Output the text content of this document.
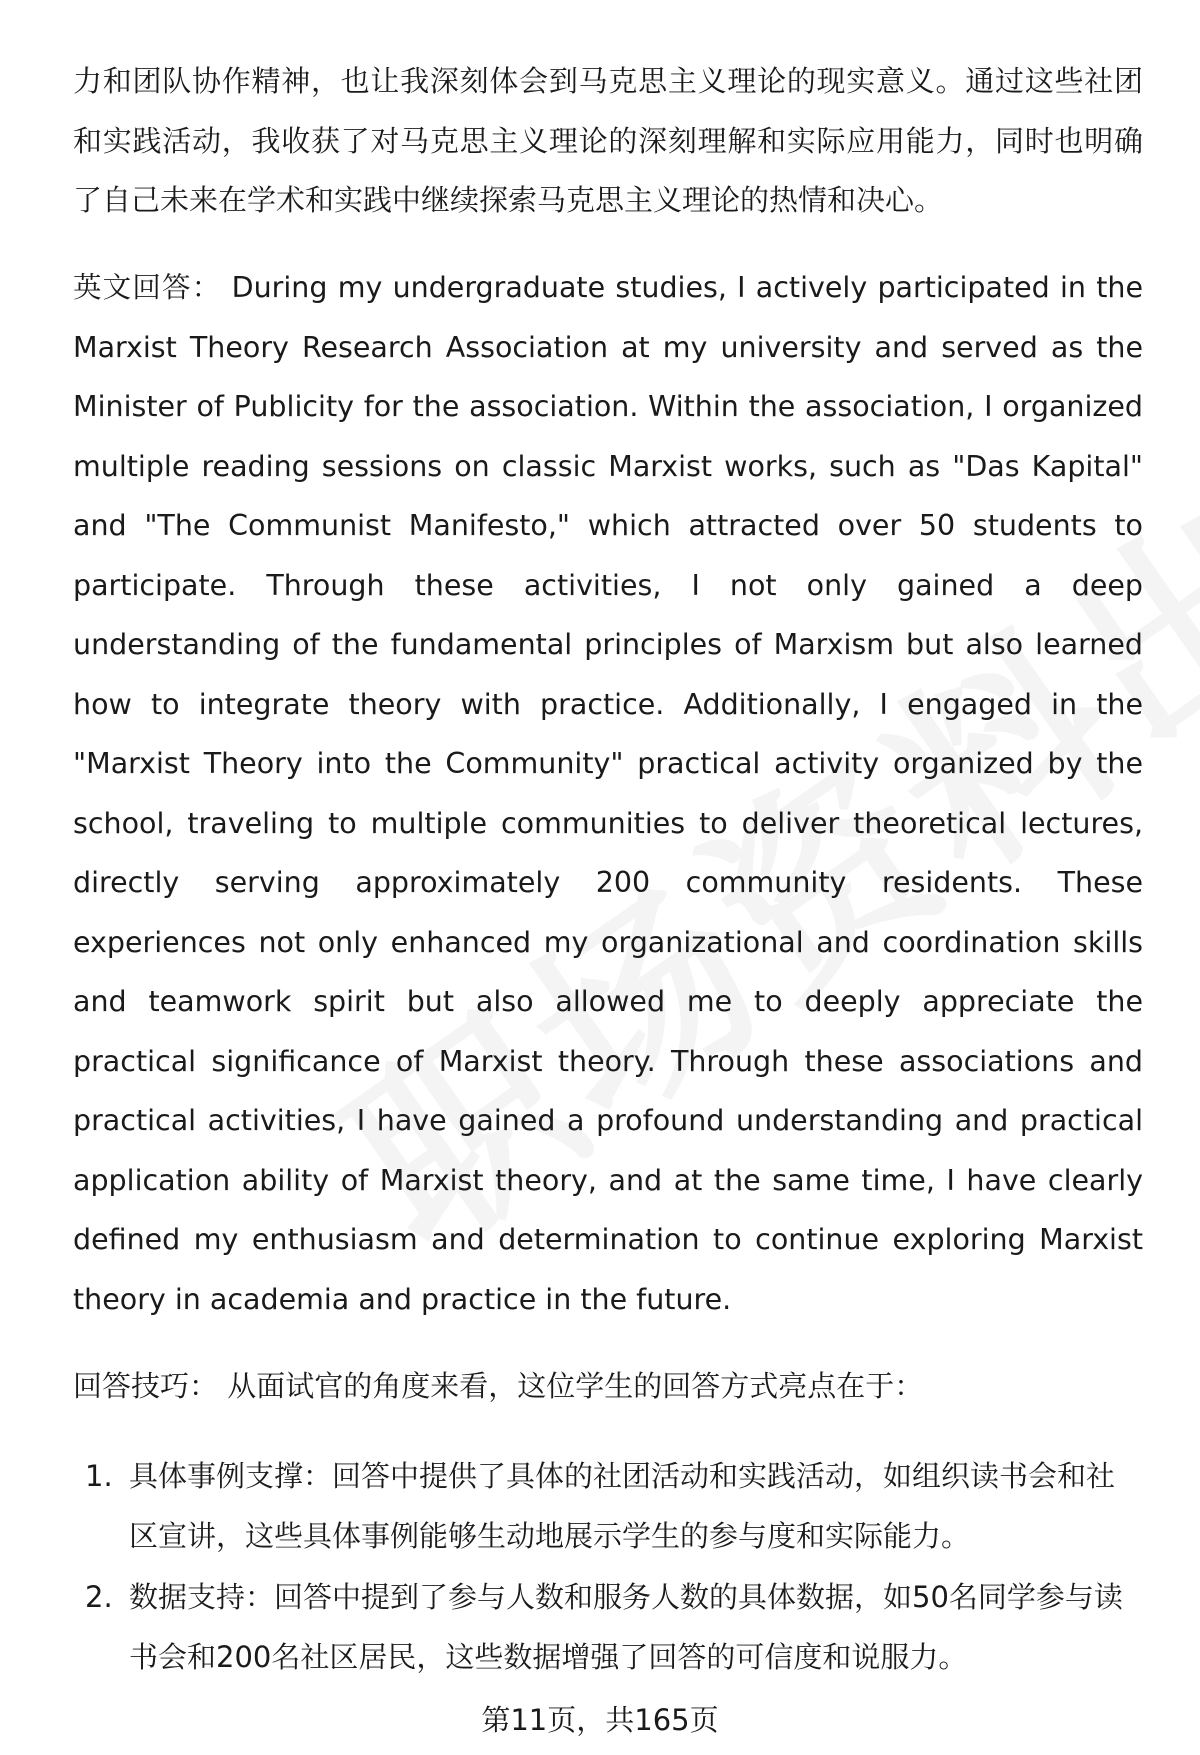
力和团队协作精神，也让我深刻体会到马克思主义理论的现实意义。通过这些社团和实践活动，我收获了对马克思主义理论的深刻理解和实际应用能力，同时也明确了自己未来在学术和实践中继续探索马克思主义理论的热情和决心。

英文回答： During my undergraduate studies, I actively participated in the Marxist Theory Research Association at my university and served as the Minister of Publicity for the association. Within the association, I organized multiple reading sessions on classic Marxist works, such as "Das Kapital" and "The Communist Manifesto," which attracted over 50 students to participate. Through these activities, I not only gained a deep understanding of the fundamental principles of Marxism but also learned how to integrate theory with practice. Additionally, I engaged in the "Marxist Theory into the Community" practical activity organized by the school, traveling to multiple communities to deliver theoretical lectures, directly serving approximately 200 community residents. These experiences not only enhanced my organizational and coordination skills and teamwork spirit but also allowed me to deeply appreciate the practical significance of Marxist theory. Through these associations and practical activities, I have gained a profound understanding and practical application ability of Marxist theory, and at the same time, I have clearly defined my enthusiasm and determination to continue exploring Marxist theory in academia and practice in the future.

回答技巧： 从面试官的角度来看，这位学生的回答方式亮点在于：

1. 具体事例支撑：回答中提供了具体的社团活动和实践活动，如组织读书会和社区宣讲，这些具体事例能够生动地展示学生的参与度和实际能力。
2. 数据支持：回答中提到了参与人数和服务人数的具体数据，如50名同学参与读书会和200名社区居民，这些数据增强了回答的可信度和说服力。
第11页，共165页
